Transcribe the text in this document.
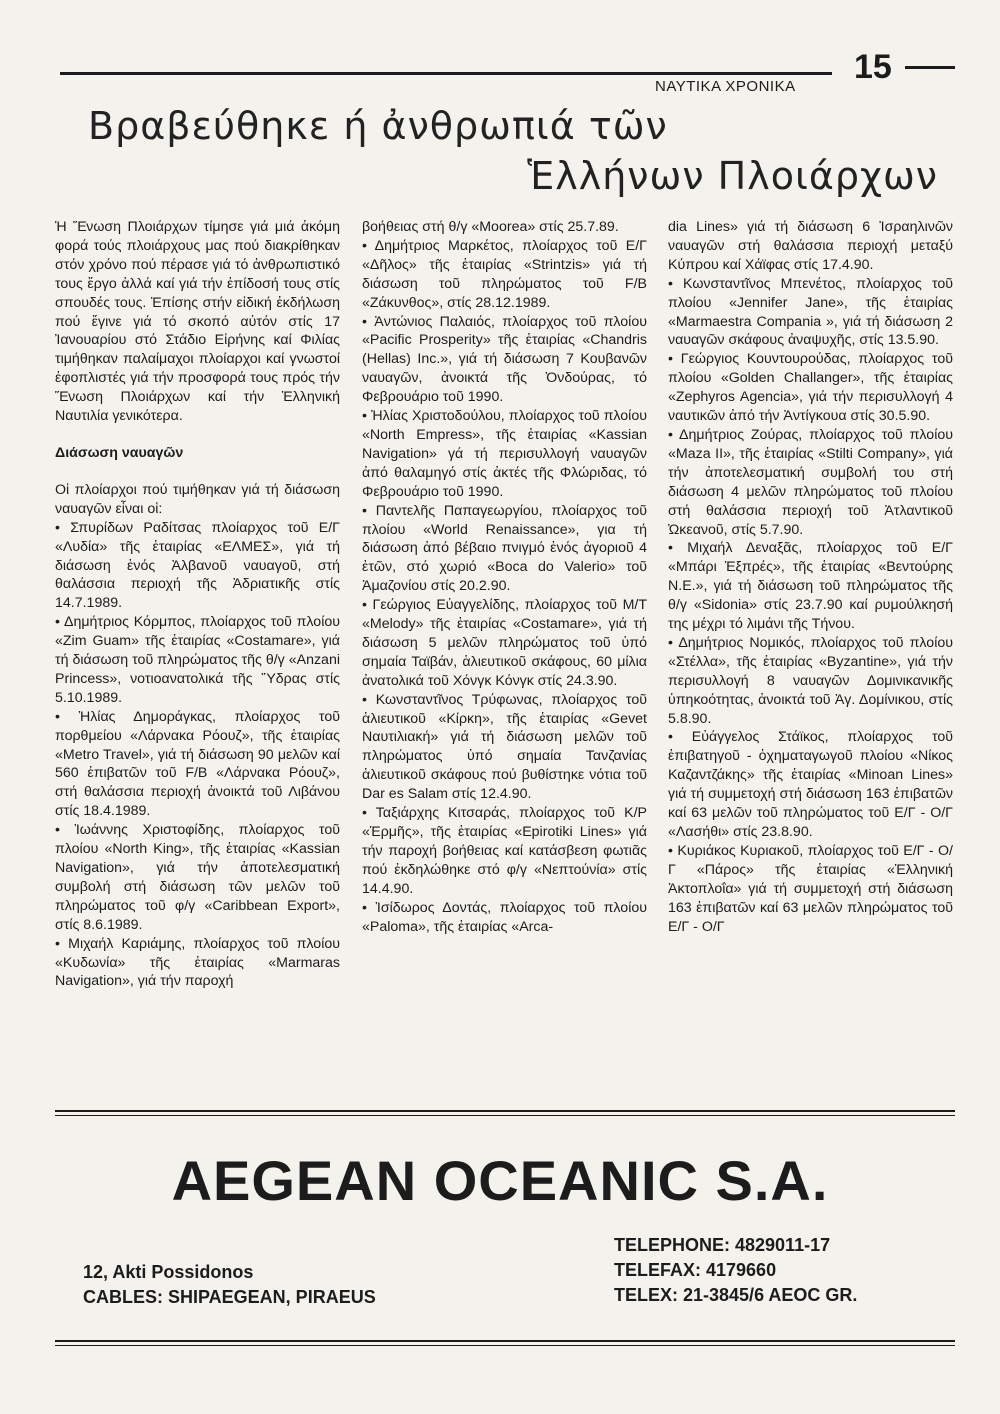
ΝΑΥΤΙΚΑ ΧΡΟΝΙΚΑ
15
Βραβεύθηκε ή ἀνθρωπιά τῶν
Ἑλλήνων Πλοιάρχων

Ἡ Ἕνωση Πλοιάρχων τίμησε γιά μιά ἀκόμη φορά τούς πλοιάρχους μας πού διακρίθηκαν στόν χρόνο πού πέρασε γιά τό ἀνθρωπιστικό τους ἔργο ἀλλά καί γιά τήν ἐπίδοσή τους στίς σπουδές τους. Ἐπίσης στήν εἰδική ἐκδήλωση πού ἔγινε γιά τό σκοπό αὐτόν στίς 17 Ἰανουαρίου στό Στάδιο Εἰρήνης καί Φιλίας τιμήθηκαν παλαίμαχοι πλοίαρχοι καί γνωστοί ἐφοπλιστές γιά τήν προσφορά τους πρός τήν Ἕνωση Πλοιάρχων καί τήν Ἑλληνική Ναυτιλία γενικότερα.

Διάσωση ναυαγῶν

Οἱ πλοίαρχοι πού τιμήθηκαν γιά τή διάσωση ναυαγῶν εἶναι οἱ:

• Σπυρίδων Ραδίτσας πλοίαρχος τοῦ Ε/Γ «Λυδία» τῆς ἑταιρίας «ΕΛΜΕΣ», γιά τή διάσωση ἑνός Ἀλβανοῦ ναυαγοῦ, στή θαλάσσια περιοχή τῆς Ἀδριατικῆς στίς 14.7.1989.

• Δημήτριος Κόρμπος, πλοίαρχος τοῦ πλοίου «Zim Guam» τῆς ἑταιρίας «Costamare», γιά τή διάσωση τοῦ πληρώματος τῆς θ/γ «Anzani Princess», νοτιοανατολικά τῆς Ὕδρας στίς 5.10.1989.

• Ἠλίας Δημοράγκας, πλοίαρχος τοῦ πορθμείου «Λάρνακα Ρόουζ», τῆς ἑταιρίας «Metro Travel», γιά τή διάσωση 90 μελῶν καί 560 ἐπιβατῶν τοῦ F/B «Λάρνακα Ρόουζ», στή θαλάσσια περιοχή ἀνοικτά τοῦ Λιβάνου στίς 18.4.1989.

• Ἰωάννης Χριστοφίδης, πλοίαρχος τοῦ πλοίου «North King», τῆς ἑταιρίας «Kassian Navigation», γιά τήν ἀποτελεσματική συμβολή στή διάσωση τῶν μελῶν τοῦ πληρώματος τοῦ φ/γ «Caribbean Export», στίς 8.6.1989.

• Μιχαήλ Καριάμης, πλοίαρχος τοῦ πλοίου «Κυδωνία» τῆς ἑταιρίας «Marmaras Navigation», γιά τήν παροχή

βοήθειας στή θ/γ «Moorea» στίς 25.7.89.

• Δημήτριος Μαρκέτος, πλοίαρχος τοῦ Ε/Γ «Δῆλος» τῆς ἑταιρίας «Strintzis» γιά τή διάσωση τοῦ πληρώματος τοῦ F/B «Ζάκυνθος», στίς 28.12.1989.

• Ἀντώνιος Παλαιός, πλοίαρχος τοῦ πλοίου «Pacific Prosperity» τῆς ἑταιρίας «Chandris (Hellas) Inc.», γιά τή διάσωση 7 Κουβανῶν ναυαγῶν, ἀνοικτά τῆς Ὀνδούρας, τό Φεβρουάριο τοῦ 1990.

• Ἠλίας Χριστοδούλου, πλοίαρχος τοῦ πλοίου «North Empress», τῆς ἑταιρίας «Kassian Navigation» γά τή περισυλλογή ναυαγῶν ἀπό θαλαμηγό στίς ἀκτές τῆς Φλώριδας, τό Φεβρουάριο τοῦ 1990.

• Παντελῆς Παπαγεωργίου, πλοίαρχος τοῦ πλοίου «World Renaissance», για τή διάσωση ἀπό βέβαιο πνιγμό ἑνός ἀγοριοῦ 4 ἐτῶν, στό χωριό «Boca do Valerio» τοῦ Ἀμαζονίου στίς 20.2.90.

• Γεώργιος Εὐαγγελίδης, πλοίαρχος τοῦ Μ/Τ «Melody» τῆς ἑταιρίας «Costamare», γιά τή διάσωση 5 μελῶν πληρώματος τοῦ ὑπό σημαία Ταϊβάν, ἁλιευτικοῦ σκάφους, 60 μίλια ἀνατολικά τοῦ Χόνγκ Κόνγκ στίς 24.3.90.

• Κωνσταντῖνος Τρύφωνας, πλοίαρχος τοῦ ἁλιευτικοῦ «Κίρκη», τῆς ἑταιρίας «Gevet Ναυτιλιακή» γιά τή διάσωση μελῶν τοῦ πληρώματος ὑπό σημαία Τανζανίας ἁλιευτικοῦ σκάφους πού βυθίστηκε νότια τοῦ Dar es Salam στίς 12.4.90.

• Ταξιάρχης Κιτσαράς, πλοίαρχος τοῦ Κ/Ρ «Ἑρμῆς», τῆς ἑταιρίας «Epirotiki Lines» γιά τήν παροχή βοήθειας καί κατάσβεση φωτιᾶς πού ἐκδηλώθηκε στό φ/γ «Νεπτούνία» στίς 14.4.90.

• Ἰσίδωρος Δοντάς, πλοίαρχος τοῦ πλοίου «Paloma», τῆς ἑταιρίας «Arca-

dia Lines» γιά τή διάσωση 6 Ἰσραηλινῶν ναυαγῶν στή θαλάσσια περιοχή μεταξύ Κύπρου καί Χάϊφας στίς 17.4.90.

• Κωνσταντῖνος Μπενέτος, πλοίαρχος τοῦ πλοίου «Jennifer Jane», τῆς ἑταιρίας «Marmaestra Compania », γιά τή διάσωση 2 ναυαγῶν σκάφους ἀναψυχῆς, στίς 13.5.90.

• Γεώργιος Κουντουρούδας, πλοίαρχος τοῦ πλοίου «Golden Challanger», τῆς ἑταιρίας «Zephyros Agencia», γιά τήν περισυλλογή 4 ναυτικῶν ἀπό τήν Ἀντίγκουα στίς 30.5.90.

• Δημήτριος Ζούρας, πλοίαρχος τοῦ πλοίου «Maza II», τῆς ἑταιρίας «Stilti Company», γιά τήν ἀποτελεσματική συμβολή του στή διάσωση 4 μελῶν πληρώματος τοῦ πλοίου στή θαλάσσια περιοχή τοῦ Ἀτλαντικοῦ Ὠκεανοῦ, στίς 5.7.90.

• Μιχαήλ Δεναξᾶς, πλοίαρχος τοῦ Ε/Γ «Μπάρι Ἐξπρές», τῆς ἑταιρίας «Βεντούρης Ν.Ε.», γιά τή διάσωση τοῦ πληρώματος τῆς θ/γ «Sidonia» στίς 23.7.90 καί ρυμούλκησή της μέχρι τό λιμάνι τῆς Τήνου.

• Δημήτριος Νομικός, πλοίαρχος τοῦ πλοίου «Στέλλα», τῆς ἑταιρίας «Byzantine», γιά τήν περισυλλογή 8 ναυαγῶν Δομινικανικῆς ὑπηκοότητας, ἀνοικτά τοῦ Ἁγ. Δομίνικου, στίς 5.8.90.

• Εὐάγγελος Στάϊκος, πλοίαρχος τοῦ ἐπιβατηγοῦ - ὀχηματαγωγοῦ πλοίου «Νίκος Καζαντζάκης» τῆς ἑταιρίας «Minoan Lines» γιά τή συμμετοχή στή διάσωση 163 ἐπιβατῶν καί 63 μελῶν τοῦ πληρώματος τοῦ Ε/Γ - Ο/Γ «Λασήθι» στίς 23.8.90.

• Κυριάκος Κυριακοῦ, πλοίαρχος τοῦ Ε/Γ - Ο/Γ «Πάρος» τῆς ἑταιρίας «Ἑλληνική Ἀκτοπλοΐα» γιά τή συμμετοχή στή διάσωση 163 ἐπιβατῶν καί 63 μελῶν πληρώματος τοῦ Ε/Γ - Ο/Γ

AEGEAN OCEANIC S.A.
12, Akti Possidonos
CABLES: SHIPAEGEAN, PIRAEUS
TELEPHONE: 4829011-17
TELEFAX: 4179660
TELEX: 21-3845/6 AEOC GR.
